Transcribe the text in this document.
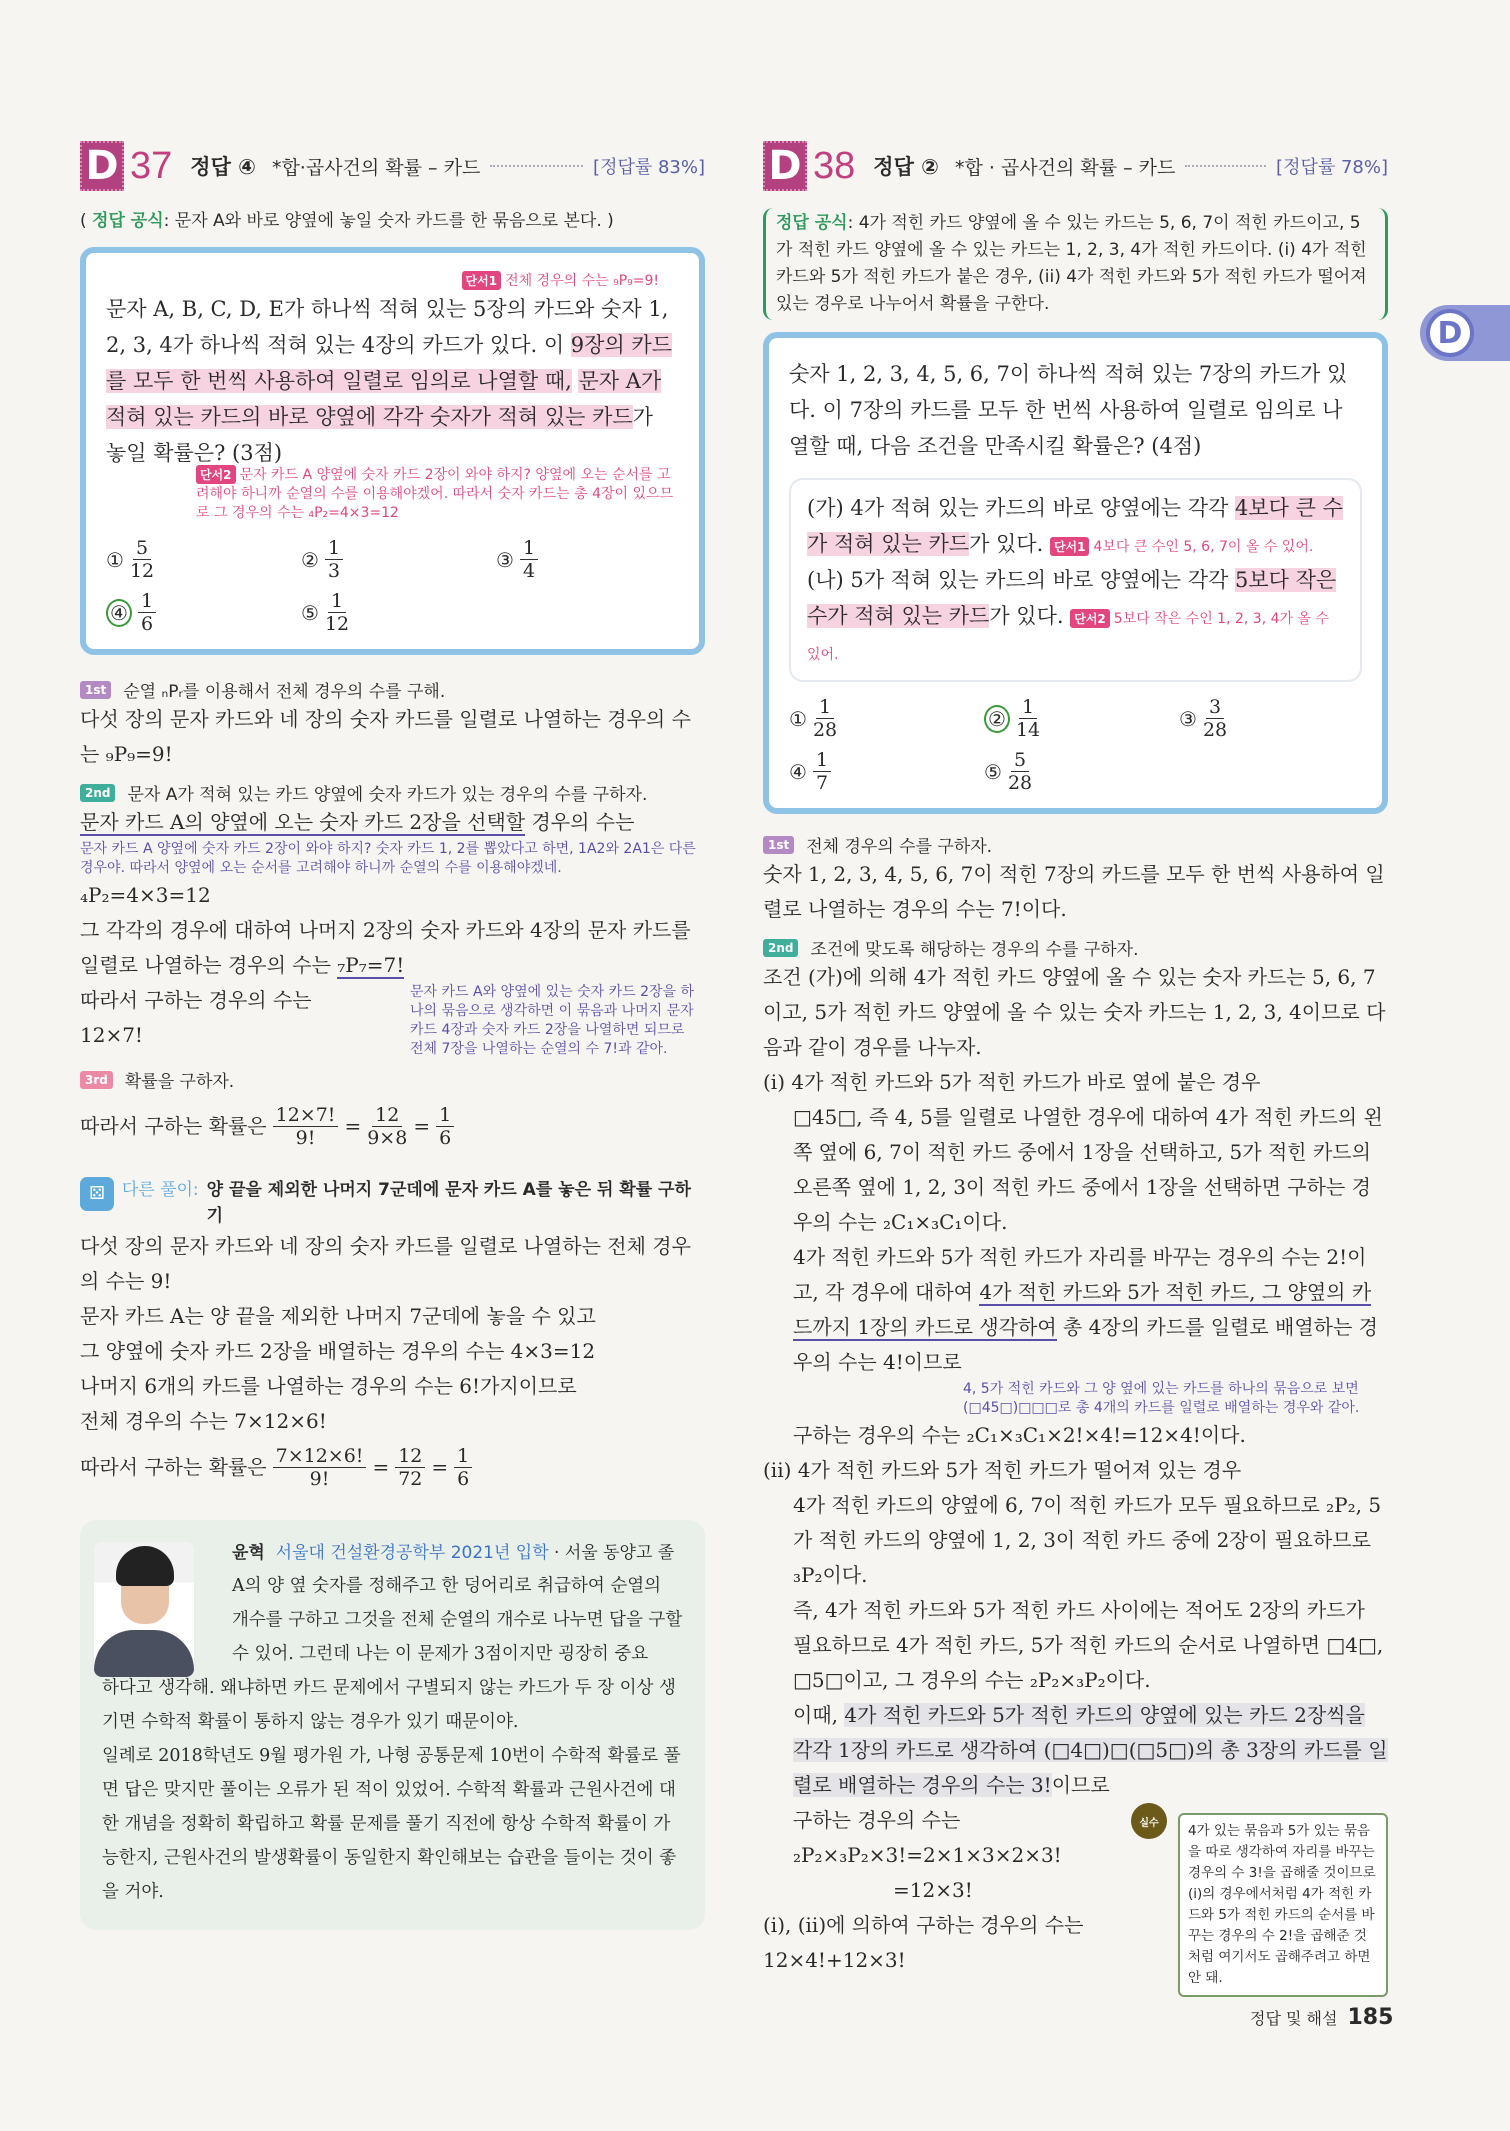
D 37 정답 ④ *합·곱사건의 확률 – 카드	[정답률 83%]
( 정답 공식: 문자 A와 바로 양옆에 놓일 숫자 카드를 한 묶음으로 본다. )
단서1 전체 경우의 수는 ₉P₉=9!
문자 A, B, C, D, E가 하나씩 적혀 있는 5장의 카드와 숫자 1, 2, 3, 4가 하나씩 적혀 있는 4장의 카드가 있다. 이 9장의 카드를 모두 한 번씩 사용하여 일렬로 임의로 나열할 때, 문자 A가 적혀 있는 카드의 바로 양옆에 각각 숫자가 적혀 있는 카드가 놓일 확률은? (3점)
단서2 문자 카드 A 양옆에 숫자 카드 2장이 와야 하지? 양옆에 오는 순서를 고려해야 하니까 순열의 수를 이용해야겠어. 따라서 숫자 카드는 총 4장이 있으므로 그 경우의 수는 ₄P₂=4×3=12
① $\frac{5}{12}$	② $\frac{1}{3}$	③ $\frac{1}{4}$
④ $\frac{1}{6}$	⑤ $\frac{1}{12}$
1st 순열 ₙPᵣ를 이용해서 전체 경우의 수를 구해.
다섯 장의 문자 카드와 네 장의 숫자 카드를 일렬로 나열하는 경우의 수는 ₉P₉=9!
2nd 문자 A가 적혀 있는 카드 양옆에 숫자 카드가 있는 경우의 수를 구하자.
문자 카드 A의 양옆에 오는 숫자 카드 2장을 선택할 경우의 수는
문자 카드 A 양옆에 숫자 카드 2장이 와야 하지? 숫자 카드 1, 2를 뽑았다고 하면, 1A2와 2A1은 다른 경우야. 따라서 양옆에 오는 순서를 고려해야 하니까 순열의 수를 이용해야겠네.
₄P₂=4×3=12
그 각각의 경우에 대하여 나머지 2장의 숫자 카드와 4장의 문자 카드를 일렬로 나열하는 경우의 수는 ₇P₇=7!
따라서 구하는 경우의 수는
12×7!
문자 카드 A와 양옆에 있는 숫자 카드 2장을 하나의 묶음으로 생각하면 이 묶음과 나머지 문자 카드 4장과 숫자 카드 2장을 나열하면 되므로 전체 7장을 나열하는 순열의 수 7!과 같아.
3rd 확률을 구하자.
따라서 구하는 확률은 $\frac{12\times 7!}{9!} = \frac{12}{9\times 8} = \frac{1}{6}$
⚄	다른 풀이: 양 끝을 제외한 나머지 7군데에 문자 카드 A를 놓은 뒤 확률 구하기
다섯 장의 문자 카드와 네 장의 숫자 카드를 일렬로 나열하는 전체 경우의 수는 9!
문자 카드 A는 양 끝을 제외한 나머지 7군데에 놓을 수 있고
그 양옆에 숫자 카드 2장을 배열하는 경우의 수는 4×3=12
나머지 6개의 카드를 나열하는 경우의 수는 6!가지이므로
전체 경우의 수는 7×12×6!
따라서 구하는 확률은 $\frac{7\times 12\times 6!}{9!} = \frac{12}{72} = \frac{1}{6}$
윤혁 서울대 건설환경공학부 2021년 입학 · 서울 동양고 졸
A의 양 옆 숫자를 정해주고 한 덩어리로 취급하여 순열의 개수를 구하고 그것을 전체 순열의 개수로 나누면 답을 구할 수 있어. 그런데 나는 이 문제가 3점이지만 굉장히 중요
하다고 생각해. 왜냐하면 카드 문제에서 구별되지 않는 카드가 두 장 이상 생기면 수학적 확률이 통하지 않는 경우가 있기 때문이야.
일례로 2018학년도 9월 평가원 가, 나형 공통문제 10번이 수학적 확률로 풀면 답은 맞지만 풀이는 오류가 된 적이 있었어. 수학적 확률과 근원사건에 대한 개념을 정확히 확립하고 확률 문제를 풀기 직전에 항상 수학적 확률이 가능한지, 근원사건의 발생확률이 동일한지 확인해보는 습관을 들이는 것이 좋을 거야.
D 38 정답 ② *합 · 곱사건의 확률 – 카드	[정답률 78%]
정답 공식: 4가 적힌 카드 양옆에 올 수 있는 카드는 5, 6, 7이 적힌 카드이고, 5가 적힌 카드 양옆에 올 수 있는 카드는 1, 2, 3, 4가 적힌 카드이다. (i) 4가 적힌 카드와 5가 적힌 카드가 붙은 경우, (ii) 4가 적힌 카드와 5가 적힌 카드가 떨어져 있는 경우로 나누어서 확률을 구한다.
숫자 1, 2, 3, 4, 5, 6, 7이 하나씩 적혀 있는 7장의 카드가 있다. 이 7장의 카드를 모두 한 번씩 사용하여 일렬로 임의로 나열할 때, 다음 조건을 만족시킬 확률은? (4점)
(가) 4가 적혀 있는 카드의 바로 양옆에는 각각 4보다 큰 수가 적혀 있는 카드가 있다. 단서1 4보다 큰 수인 5, 6, 7이 올 수 있어.
(나) 5가 적혀 있는 카드의 바로 양옆에는 각각 5보다 작은 수가 적혀 있는 카드가 있다. 단서2 5보다 작은 수인 1, 2, 3, 4가 올 수 있어.
① $\frac{1}{28}$	② $\frac{1}{14}$	③ $\frac{3}{28}$
④ $\frac{1}{7}$	⑤ $\frac{5}{28}$
1st 전체 경우의 수를 구하자.
숫자 1, 2, 3, 4, 5, 6, 7이 적힌 7장의 카드를 모두 한 번씩 사용하여 일렬로 나열하는 경우의 수는 7!이다.
2nd 조건에 맞도록 해당하는 경우의 수를 구하자.
조건 (가)에 의해 4가 적힌 카드 양옆에 올 수 있는 숫자 카드는 5, 6, 7이고, 5가 적힌 카드 양옆에 올 수 있는 숫자 카드는 1, 2, 3, 4이므로 다음과 같이 경우를 나누자.
(i) 4가 적힌 카드와 5가 적힌 카드가 바로 옆에 붙은 경우
□45□, 즉 4, 5를 일렬로 나열한 경우에 대하여 4가 적힌 카드의 왼쪽 옆에 6, 7이 적힌 카드 중에서 1장을 선택하고, 5가 적힌 카드의 오른쪽 옆에 1, 2, 3이 적힌 카드 중에서 1장을 선택하면 구하는 경우의 수는 ₂C₁×₃C₁이다.
4가 적힌 카드와 5가 적힌 카드가 자리를 바꾸는 경우의 수는 2!이고, 각 경우에 대하여 4가 적힌 카드와 5가 적힌 카드, 그 양옆의 카드까지 1장의 카드로 생각하여 총 4장의 카드를 일렬로 배열하는 경우의 수는 4!이므로
4, 5가 적힌 카드와 그 양 옆에 있는 카드를 하나의 묶음으로 보면 (□45□)□□□로 총 4개의 카드를 일렬로 배열하는 경우와 같아.
구하는 경우의 수는 ₂C₁×₃C₁×2!×4!=12×4!이다.
(ii) 4가 적힌 카드와 5가 적힌 카드가 떨어져 있는 경우
4가 적힌 카드의 양옆에 6, 7이 적힌 카드가 모두 필요하므로 ₂P₂, 5가 적힌 카드의 양옆에 1, 2, 3이 적힌 카드 중에 2장이 필요하므로 ₃P₂이다.
즉, 4가 적힌 카드와 5가 적힌 카드 사이에는 적어도 2장의 카드가 필요하므로 4가 적힌 카드, 5가 적힌 카드의 순서로 나열하면 □4□, □5□이고, 그 경우의 수는 ₂P₂×₃P₂이다.
이때, 4가 적힌 카드와 5가 적힌 카드의 양옆에 있는 카드 2장씩을 각각 1장의 카드로 생각하여 (□4□)□(□5□)의 총 3장의 카드를 일렬로 배열하는 경우의 수는 3!이므로
실수	4가 있는 묶음과 5가 있는 묶음을 따로 생각하여 자리를 바꾸는 경우의 수 3!을 곱해줄 것이므로 (i)의 경우에서처럼 4가 적힌 카드와 5가 적힌 카드의 순서를 바꾸는 경우의 수 2!을 곱해준 것처럼 여기서도 곱해주려고 하면 안 돼.
구하는 경우의 수는
₂P₂×₃P₂×3!=2×1×3×2×3!
=12×3!
(i), (ii)에 의하여 구하는 경우의 수는
12×4!+12×3!
D
정답 및 해설 185
